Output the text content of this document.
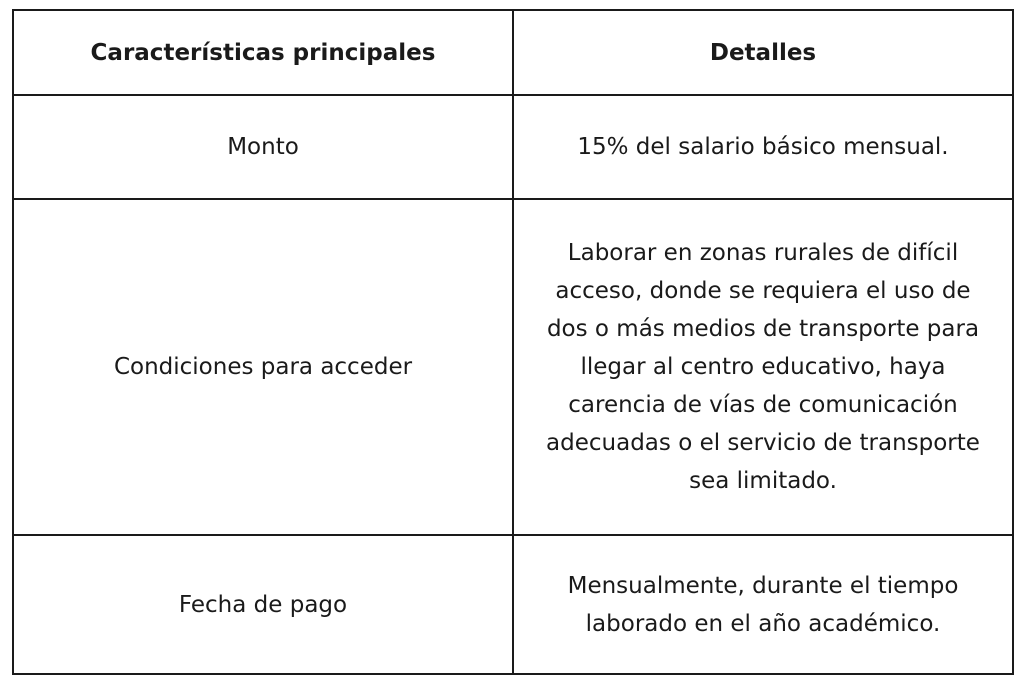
Características principales	Detalles
Monto	15% del salario básico mensual.
Condiciones para acceder	Laborar en zonas rurales de difícil acceso, donde se requiera el uso de dos o más medios de transporte para llegar al centro educativo, haya carencia de vías de comunicación adecuadas o el servicio de transporte sea limitado.
Fecha de pago	Mensualmente, durante el tiempo laborado en el año académico.
